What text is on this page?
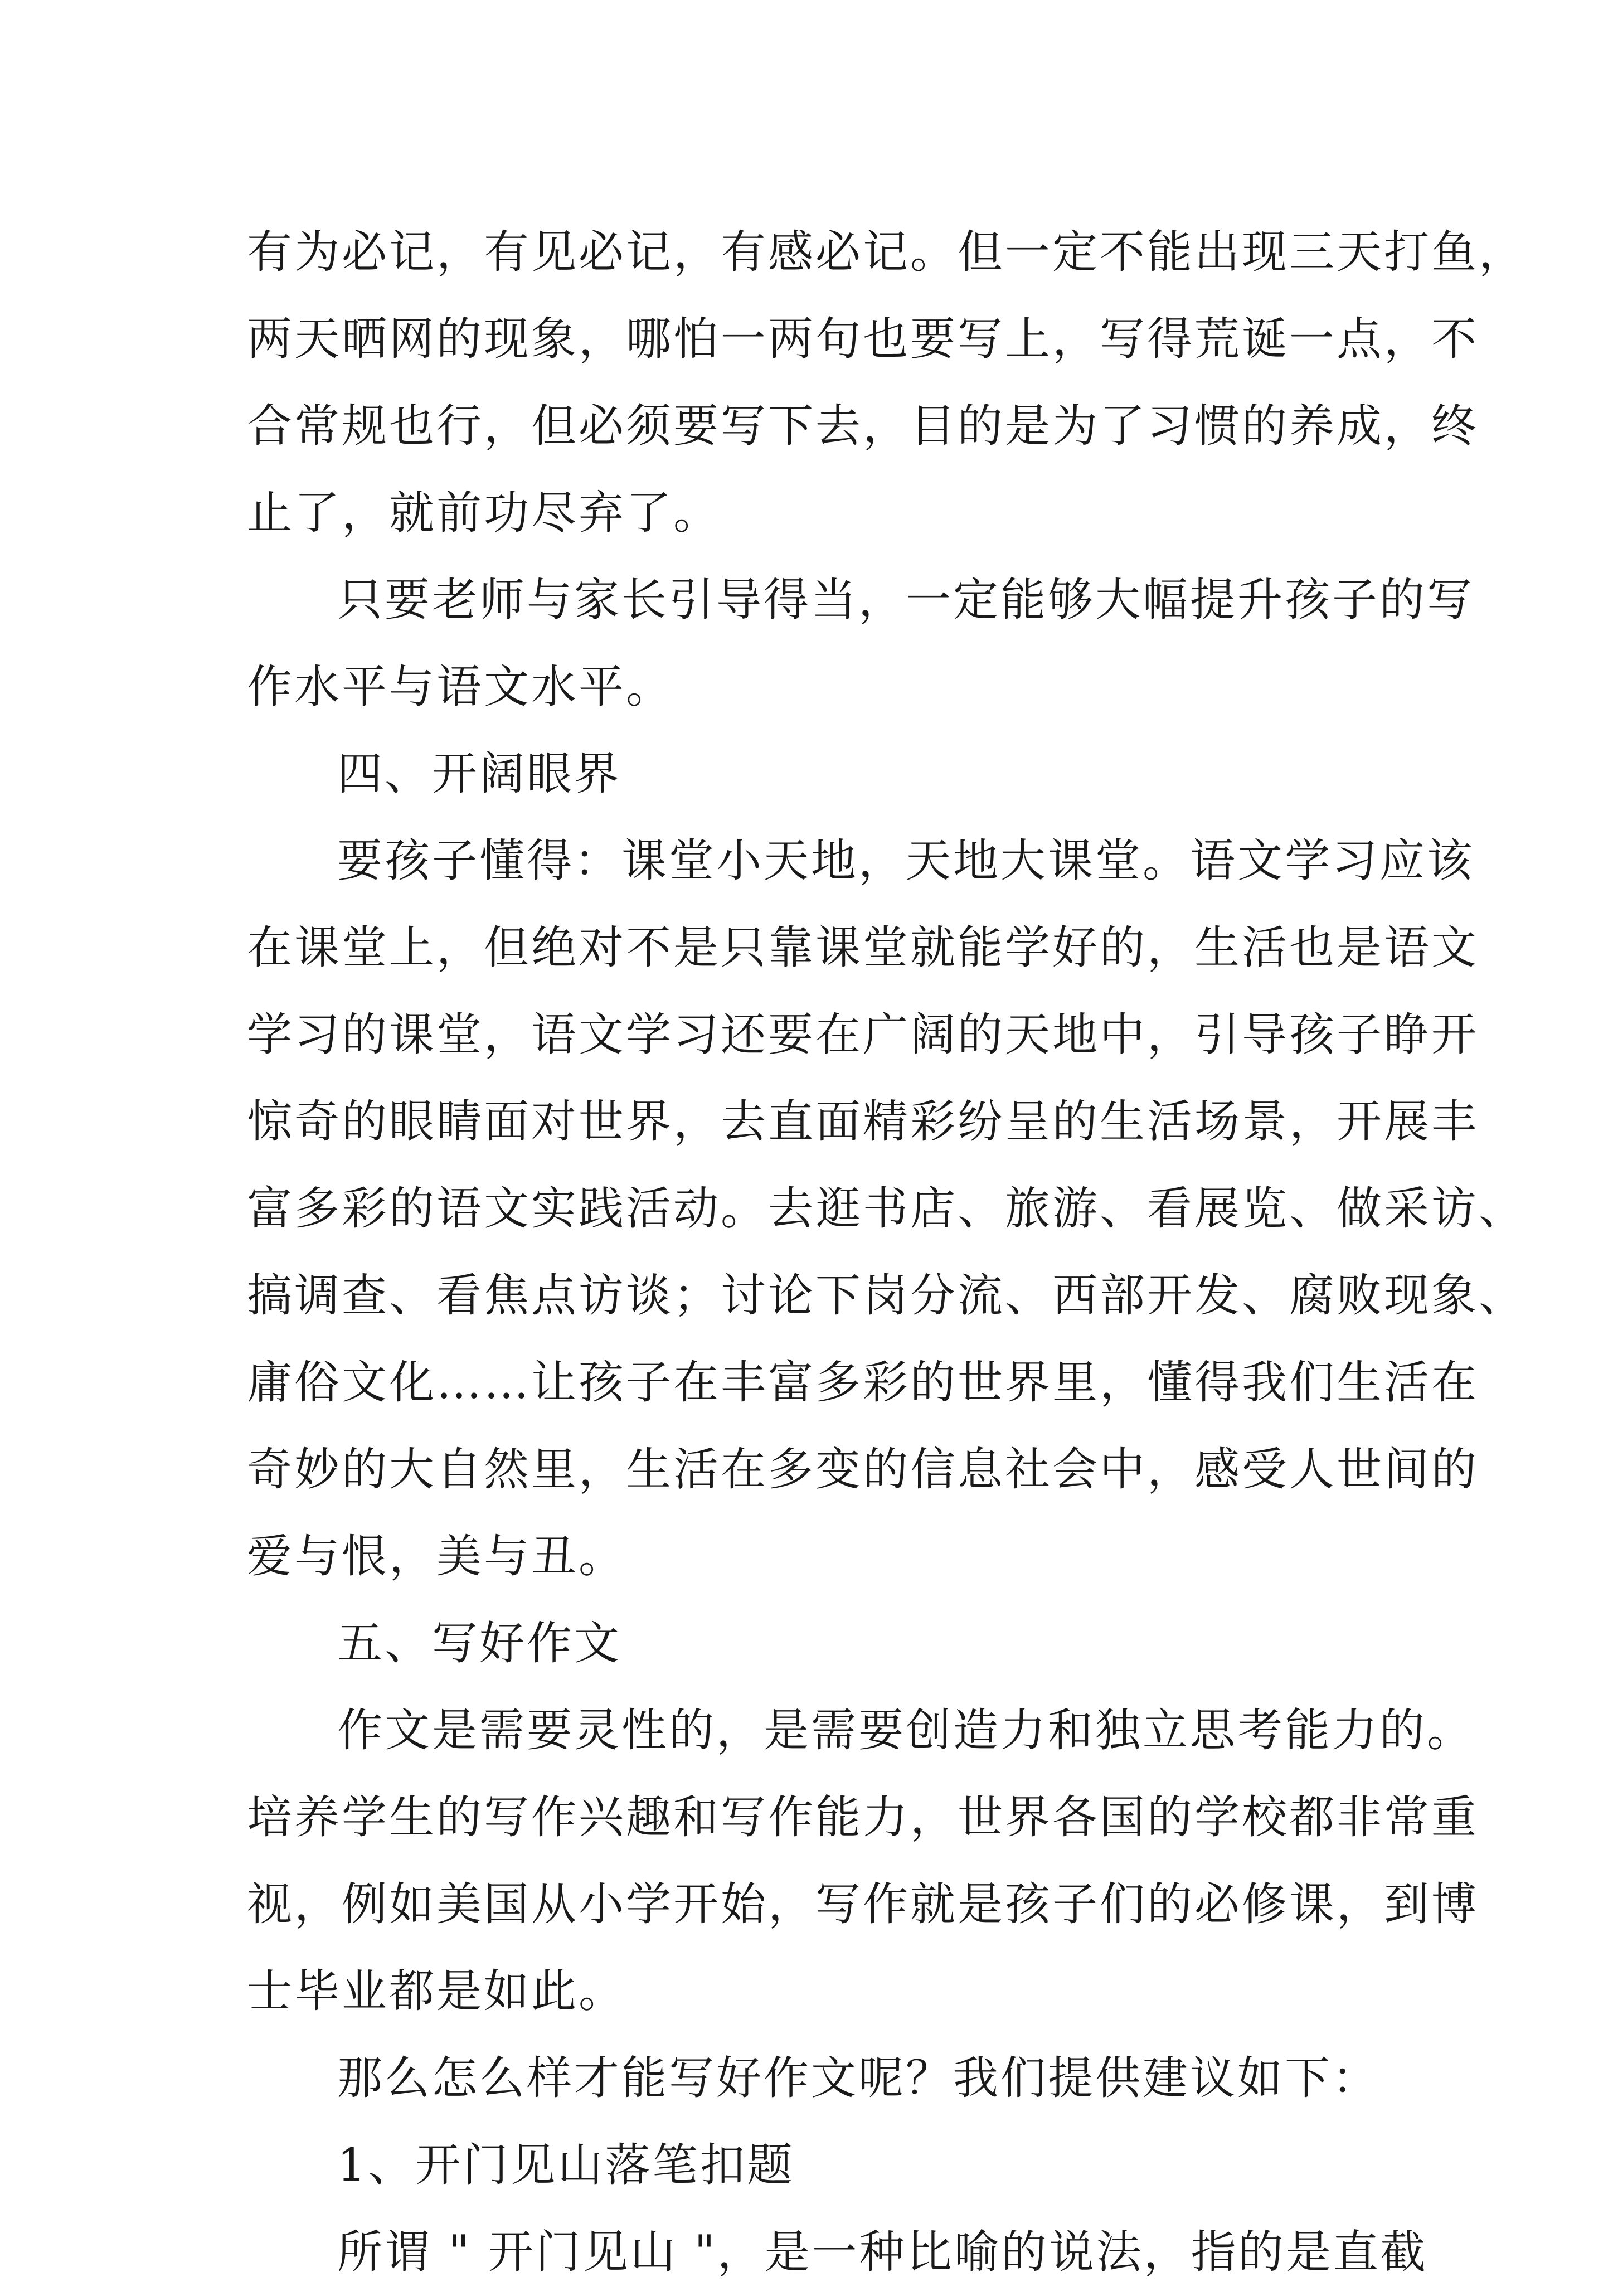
有为必记，有见必记，有感必记。但一定不能出现三天打鱼，
两天晒网的现象，哪怕一两句也要写上，写得荒诞一点，不
合常规也行，但必须要写下去，目的是为了习惯的养成，终
止了，就前功尽弃了。
只要老师与家长引导得当，一定能够大幅提升孩子的写
作水平与语文水平。
四、开阔眼界
要孩子懂得：课堂小天地，天地大课堂。语文学习应该
在课堂上，但绝对不是只靠课堂就能学好的，生活也是语文
学习的课堂，语文学习还要在广阔的天地中，引导孩子睁开
惊奇的眼睛面对世界，去直面精彩纷呈的生活场景，开展丰
富多彩的语文实践活动。去逛书店、旅游、看展览、做采访、
搞调查、看焦点访谈；讨论下岗分流、西部开发、腐败现象、
庸俗文化……让孩子在丰富多彩的世界里，懂得我们生活在
奇妙的大自然里，生活在多变的信息社会中，感受人世间的
爱与恨，美与丑。
五、写好作文
作文是需要灵性的，是需要创造力和独立思考能力的。
培养学生的写作兴趣和写作能力，世界各国的学校都非常重
视，例如美国从小学开始，写作就是孩子们的必修课，到博
士毕业都是如此。
那么怎么样才能写好作文呢？我们提供建议如下：
1、开门见山落笔扣题
所谓 " 开门见山 "，是一种比喻的说法，指的是直截
